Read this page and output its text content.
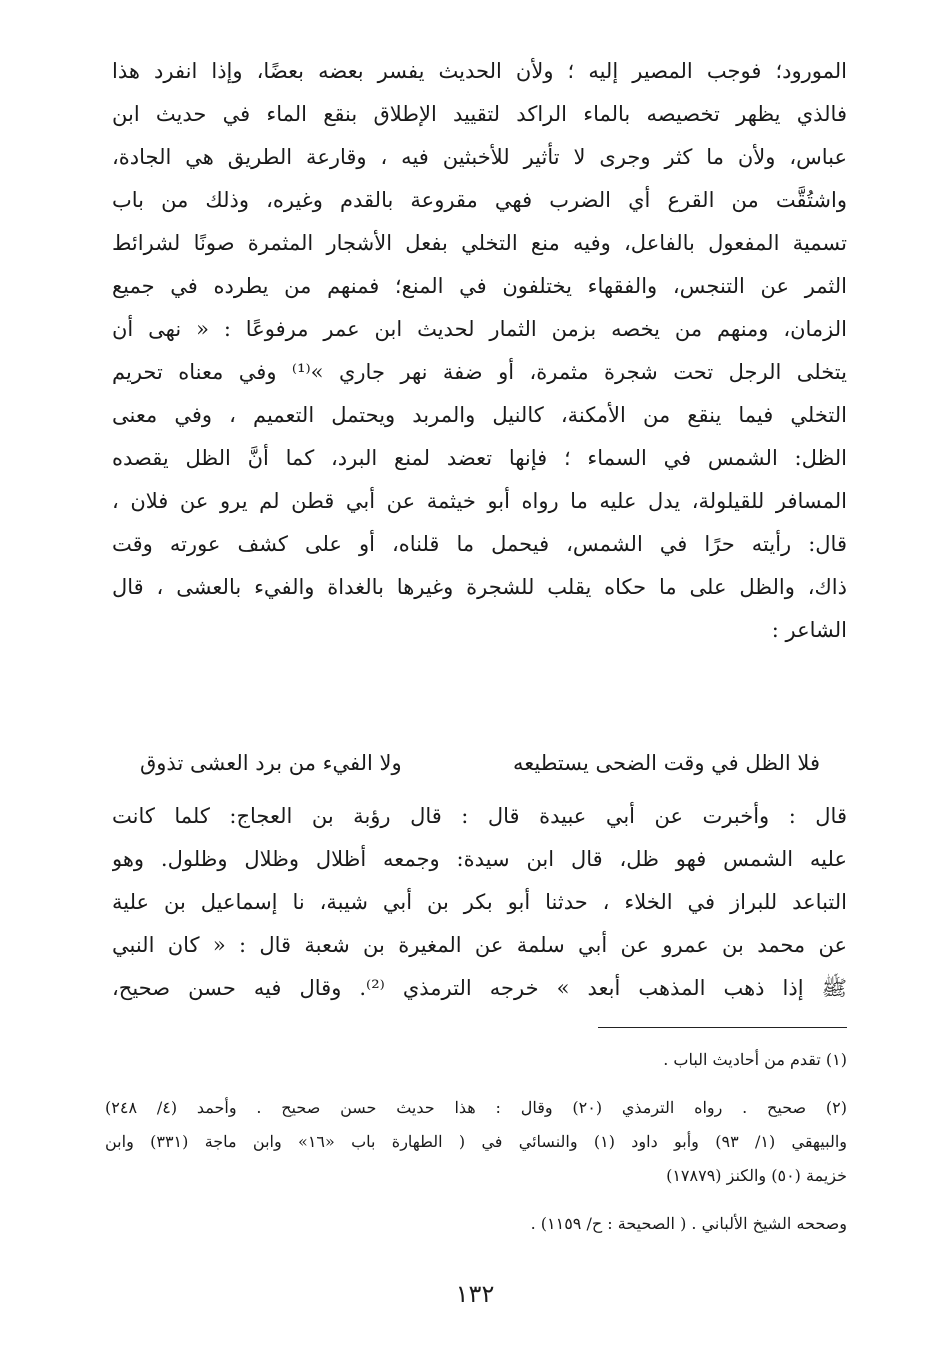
المورود؛ فوجب المصير إليه ؛ ولأن الحديث يفسر بعضه بعضًا، وإذا انفرد هذا
فالذي يظهر تخصيصه بالماء الراكد لتقييد الإطلاق بنقع الماء في حديث ابن
عباس، ولأن ما كثر وجرى لا تأثير للأخبثين فيه ، وقارعة الطريق هي الجادة،
واشتُقَّت من القرع أي الضرب فهي مقروعة بالقدم وغيره، وذلك من باب
تسمية المفعول بالفاعل، وفيه منع التخلي بفعل الأشجار المثمرة صونًا لشرائط
الثمر عن التنجس، والفقهاء يختلفون في المنع؛ فمنهم من يطرده في جميع
الزمان، ومنهم من يخصه بزمن الثمار لحديث ابن عمر مرفوعًا : « نهى أن
يتخلى الرجل تحت شجرة مثمرة، أو ضفة نهر جاري »⁽¹⁾ وفي معناه تحريم
التخلي فيما ينقع من الأمكنة، كالنيل والمربد ويحتمل التعميم ، وفي معنى
الظل: الشمس في السماء ؛ فإنها تعضد لمنع البرد، كما أنَّ الظل يقصده
المسافر للقيلولة، يدل عليه ما رواه أبو خيثمة عن أبي قطن لم يرو عن فلان ،
قال: رأيته حرًا في الشمس، فيحمل ما قلناه، أو على كشف عورته وقت
ذاك، والظل على ما حكاه يقلب للشجرة وغيرها بالغداة والفيء بالعشى ، قال
الشاعر :
فلا الظل في وقت الضحى يستطيعه
ولا الفيء من برد العشى تذوق
قال : وأخبرت عن أبي عبيدة قال : قال رؤبة بن العجاج: كلما كانت
عليه الشمس فهو ظل، قال ابن سيدة: وجمعه أظلال وظلال وظلول. وهو
التباعد للبراز في الخلاء ، حدثنا أبو بكر بن أبي شيبة، نا إسماعيل بن علية
عن محمد بن عمرو عن أبي سلمة عن المغيرة بن شعبة قال : « كان النبي
ﷺ إذا ذهب المذهب أبعد » خرجه الترمذي ⁽²⁾. وقال فيه حسن صحيح،
(١) تقدم من أحاديث الباب .
(٢) صحيح . رواه الترمذي (٢٠) وقال : هذا حديث حسن صحيح . وأحمد (٤/ ٢٤٨)
والبيهقي (١/ ٩٣) وأبو داود (١) والنسائي في ( الطهارة باب «١٦» وابن ماجة (٣٣١) وابن
خزيمة (٥٠) والكنز (١٧٨٧٩)
وصححه الشيخ الألباني . ( الصحيحة : ح/ ١١٥٩) .
١٣٢
